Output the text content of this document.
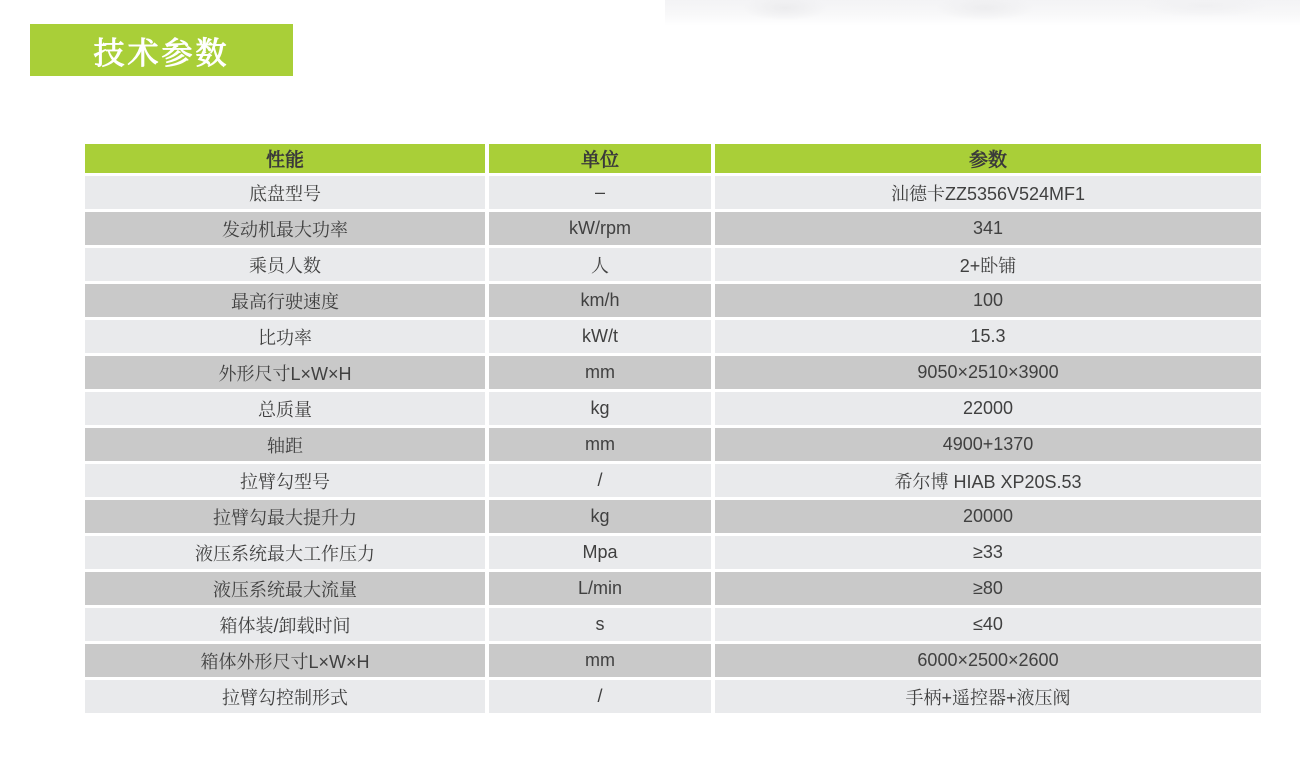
技术参数
性能	单位	参数
底盘型号	–	汕德卡ZZ5356V524MF1
发动机最大功率	kW/rpm	341
乘员人数	人	2+卧铺
最高行驶速度	km/h	100
比功率	kW/t	15.3
外形尺寸L×W×H	mm	9050×2510×3900
总质量	kg	22000
轴距	mm	4900+1370
拉臂勾型号	/	希尔博 HIAB XP20S.53
拉臂勾最大提升力	kg	20000
液压系统最大工作压力	Mpa	≥33
液压系统最大流量	L/min	≥80
箱体装/卸载时间	s	≤40
箱体外形尺寸L×W×H	mm	6000×2500×2600
拉臂勾控制形式	/	手柄+遥控器+液压阀
